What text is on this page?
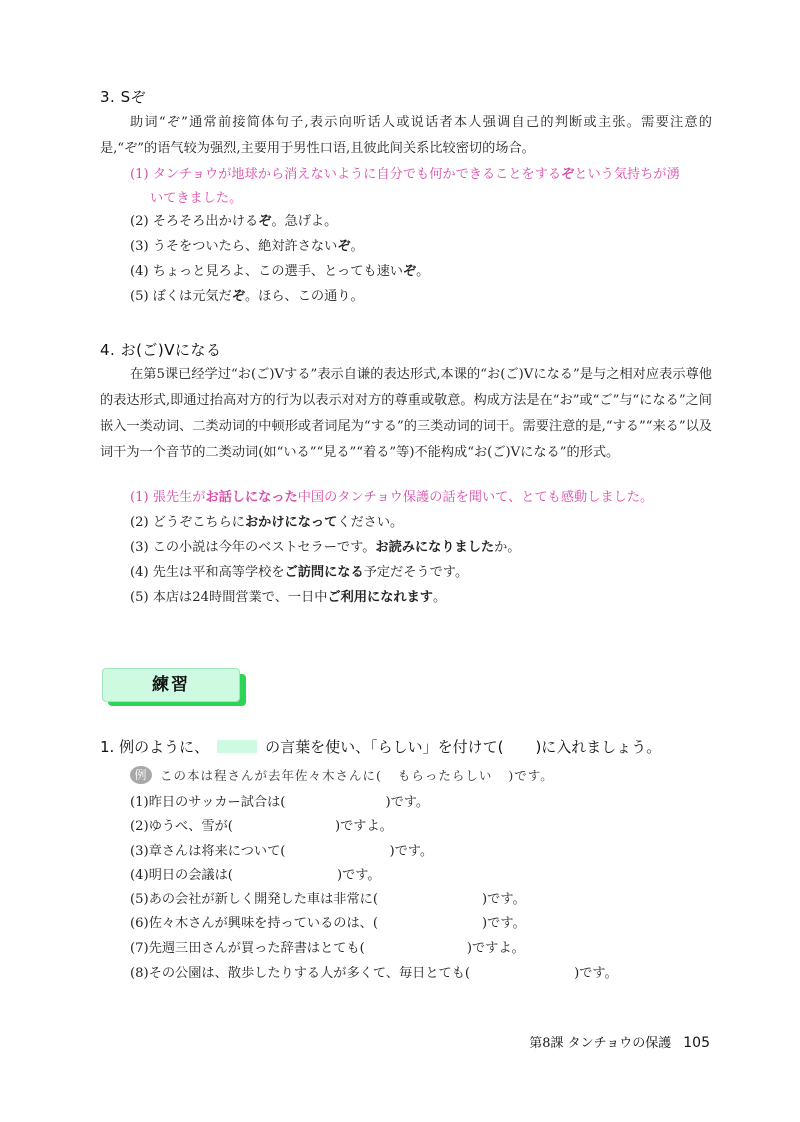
3. Sぞ
助词“ぞ”通常前接简体句子,表示向听话人或说话者本人强调自己的判断或主张。需要注意的是,“ぞ”的语气较为强烈,主要用于男性口语,且彼此间关系比较密切的场合。
(1) タンチョウが地球から消えないように自分でも何かできることをするぞという気持ちが湧
いてきました。
(2) そろそろ出かけるぞ。急げよ。
(3) うそをついたら、絶対許さないぞ。
(4) ちょっと見ろよ、この選手、とっても速いぞ。
(5) ぼくは元気だぞ。ほら、この通り。
4. お(ご)Vになる
在第5课已经学过“お(ご)Vする”表示自谦的表达形式,本课的“お(ご)Vになる”是与之相对应表示尊他的表达形式,即通过抬高对方的行为以表示对对方的尊重或敬意。构成方法是在“お”或“ご”与“になる”之间嵌入一类动词、二类动词的中顿形或者词尾为“する”的三类动词的词干。需要注意的是,“する”“来る”以及词干为一个音节的二类动词(如“いる”“見る”“着る”等)不能构成“お(ご)Vになる”的形式。
(1) 張先生がお話しになった中国のタンチョウ保護の話を聞いて、とても感動しました。
(2) どうぞこちらにおかけになってください。
(3) この小説は今年のベストセラーです。お読みになりましたか。
(4) 先生は平和高等学校をご訪問になる予定だそうです。
(5) 本店は24時間営業で、一日中ご利用になれます。
練習
1. 例のように、	の言葉を使い、「らしい」を付けて( )に入れましょう。
例 この本は程さんが去年佐々木さんに( もらったらしい )です。
(1)昨日のサッカー試合は(	)です。
(2)ゆうべ、雪が(	)ですよ。
(3)章さんは将来について(	)です。
(4)明日の会議は(	)です。
(5)あの会社が新しく開発した車は非常に(	)です。
(6)佐々木さんが興味を持っているのは、(	)です。
(7)先週三田さんが買った辞書はとても(	)ですよ。
(8)その公園は、散歩したりする人が多くて、毎日とても(	)です。
第8課 タンチョウの保護 105
